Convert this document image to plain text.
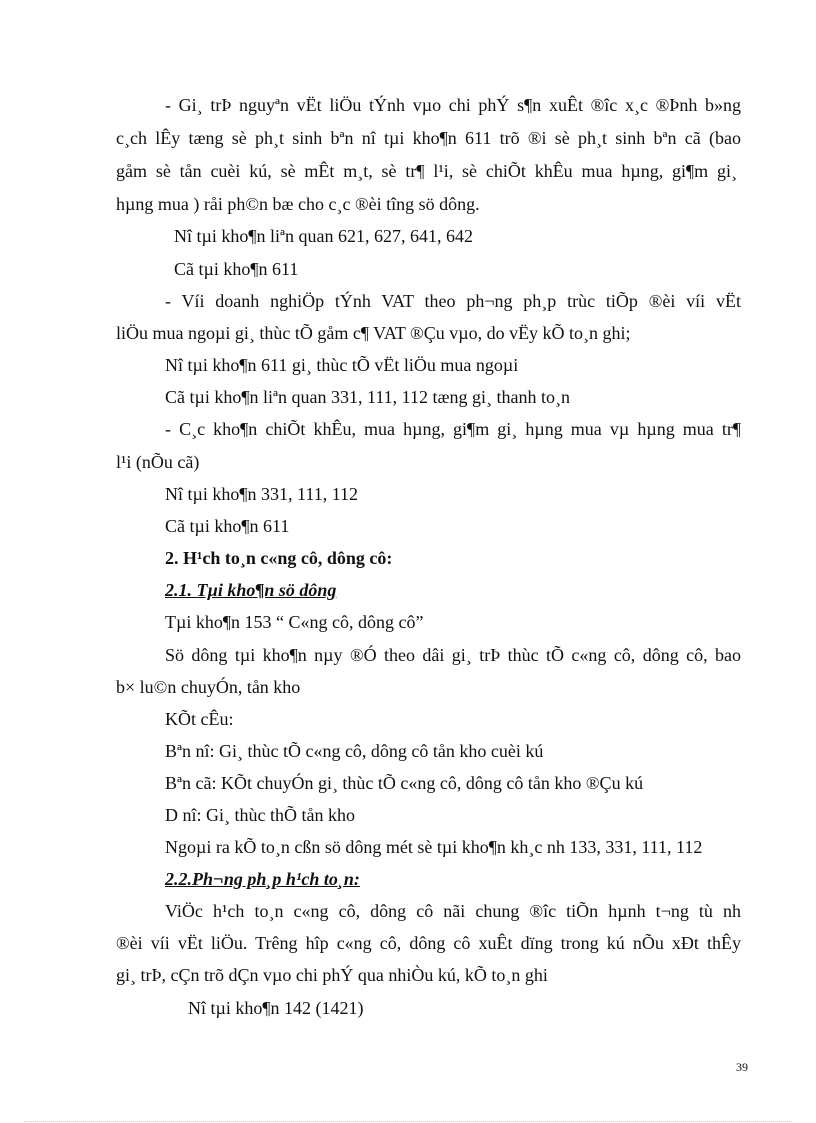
- Gi¸ trÞ nguyªn vËt liÖu tÝnh vµo chi phÝ s¶n xuÊt ®îc x¸c ®Þnh b»ng
c¸ch lÊy tæng sè ph¸t sinh bªn nî tµi kho¶n 611 trõ ®i sè ph¸t sinh bªn cã (bao
gåm sè tån cuèi kú, sè mÊt m¸t, sè tr¶ l¹i, sè chiÕt khÊu mua hµng, gi¶m gi¸
hµng mua ) råi ph©n bæ cho c¸c ®èi tîng sö dông.
Nî tµi kho¶n liªn quan 621, 627, 641, 642
Cã tµi kho¶n 611
- Víi doanh nghiÖp tÝnh VAT theo ph¬ng ph¸p trùc tiÕp ®èi víi vËt
liÖu mua ngoµi gi¸ thùc tÕ gåm c¶ VAT ®Çu vµo, do vËy kÕ to¸n ghi;
Nî tµi kho¶n 611 gi¸ thùc tÕ vËt liÖu mua ngoµi
Cã tµi kho¶n liªn quan 331, 111, 112 tæng gi¸ thanh to¸n
- C¸c kho¶n chiÕt khÊu, mua hµng, gi¶m gi¸ hµng mua vµ hµng mua tr¶
l¹i (nÕu cã)
Nî tµi kho¶n 331, 111, 112
Cã tµi kho¶n 611
2. H¹ch to¸n c«ng cô, dông cô:
2.1. Tµi kho¶n sö dông
Tµi kho¶n 153 “ C«ng cô, dông cô”
Sö dông tµi kho¶n nµy ®Ó theo dâi gi¸ trÞ thùc tÕ c«ng cô, dông cô, bao
b× lu©n chuyÓn, tån kho
KÕt cÊu:
Bªn nî: Gi¸ thùc tÕ c«ng cô, dông cô tån kho cuèi kú
Bªn cã: KÕt chuyÓn gi¸ thùc tÕ c«ng cô, dông cô tån kho ®Çu kú
D nî: Gi¸ thùc thÕ tån kho
Ngoµi ra kÕ to¸n cßn sö dông mét sè tµi kho¶n kh¸c nh 133, 331, 111, 112
2.2.Ph¬ng ph¸p h¹ch to¸n:
ViÖc h¹ch to¸n c«ng cô, dông cô nãi chung ®îc tiÕn hµnh t¬ng tù nh
®èi víi vËt liÖu. Trêng hîp c«ng cô, dông cô xuÊt dïng trong kú nÕu xÐt thÊy
gi¸ trÞ, cÇn trõ dÇn vµo chi phÝ qua nhiÒu kú, kÕ to¸n ghi
Nî tµi kho¶n 142 (1421)
39
